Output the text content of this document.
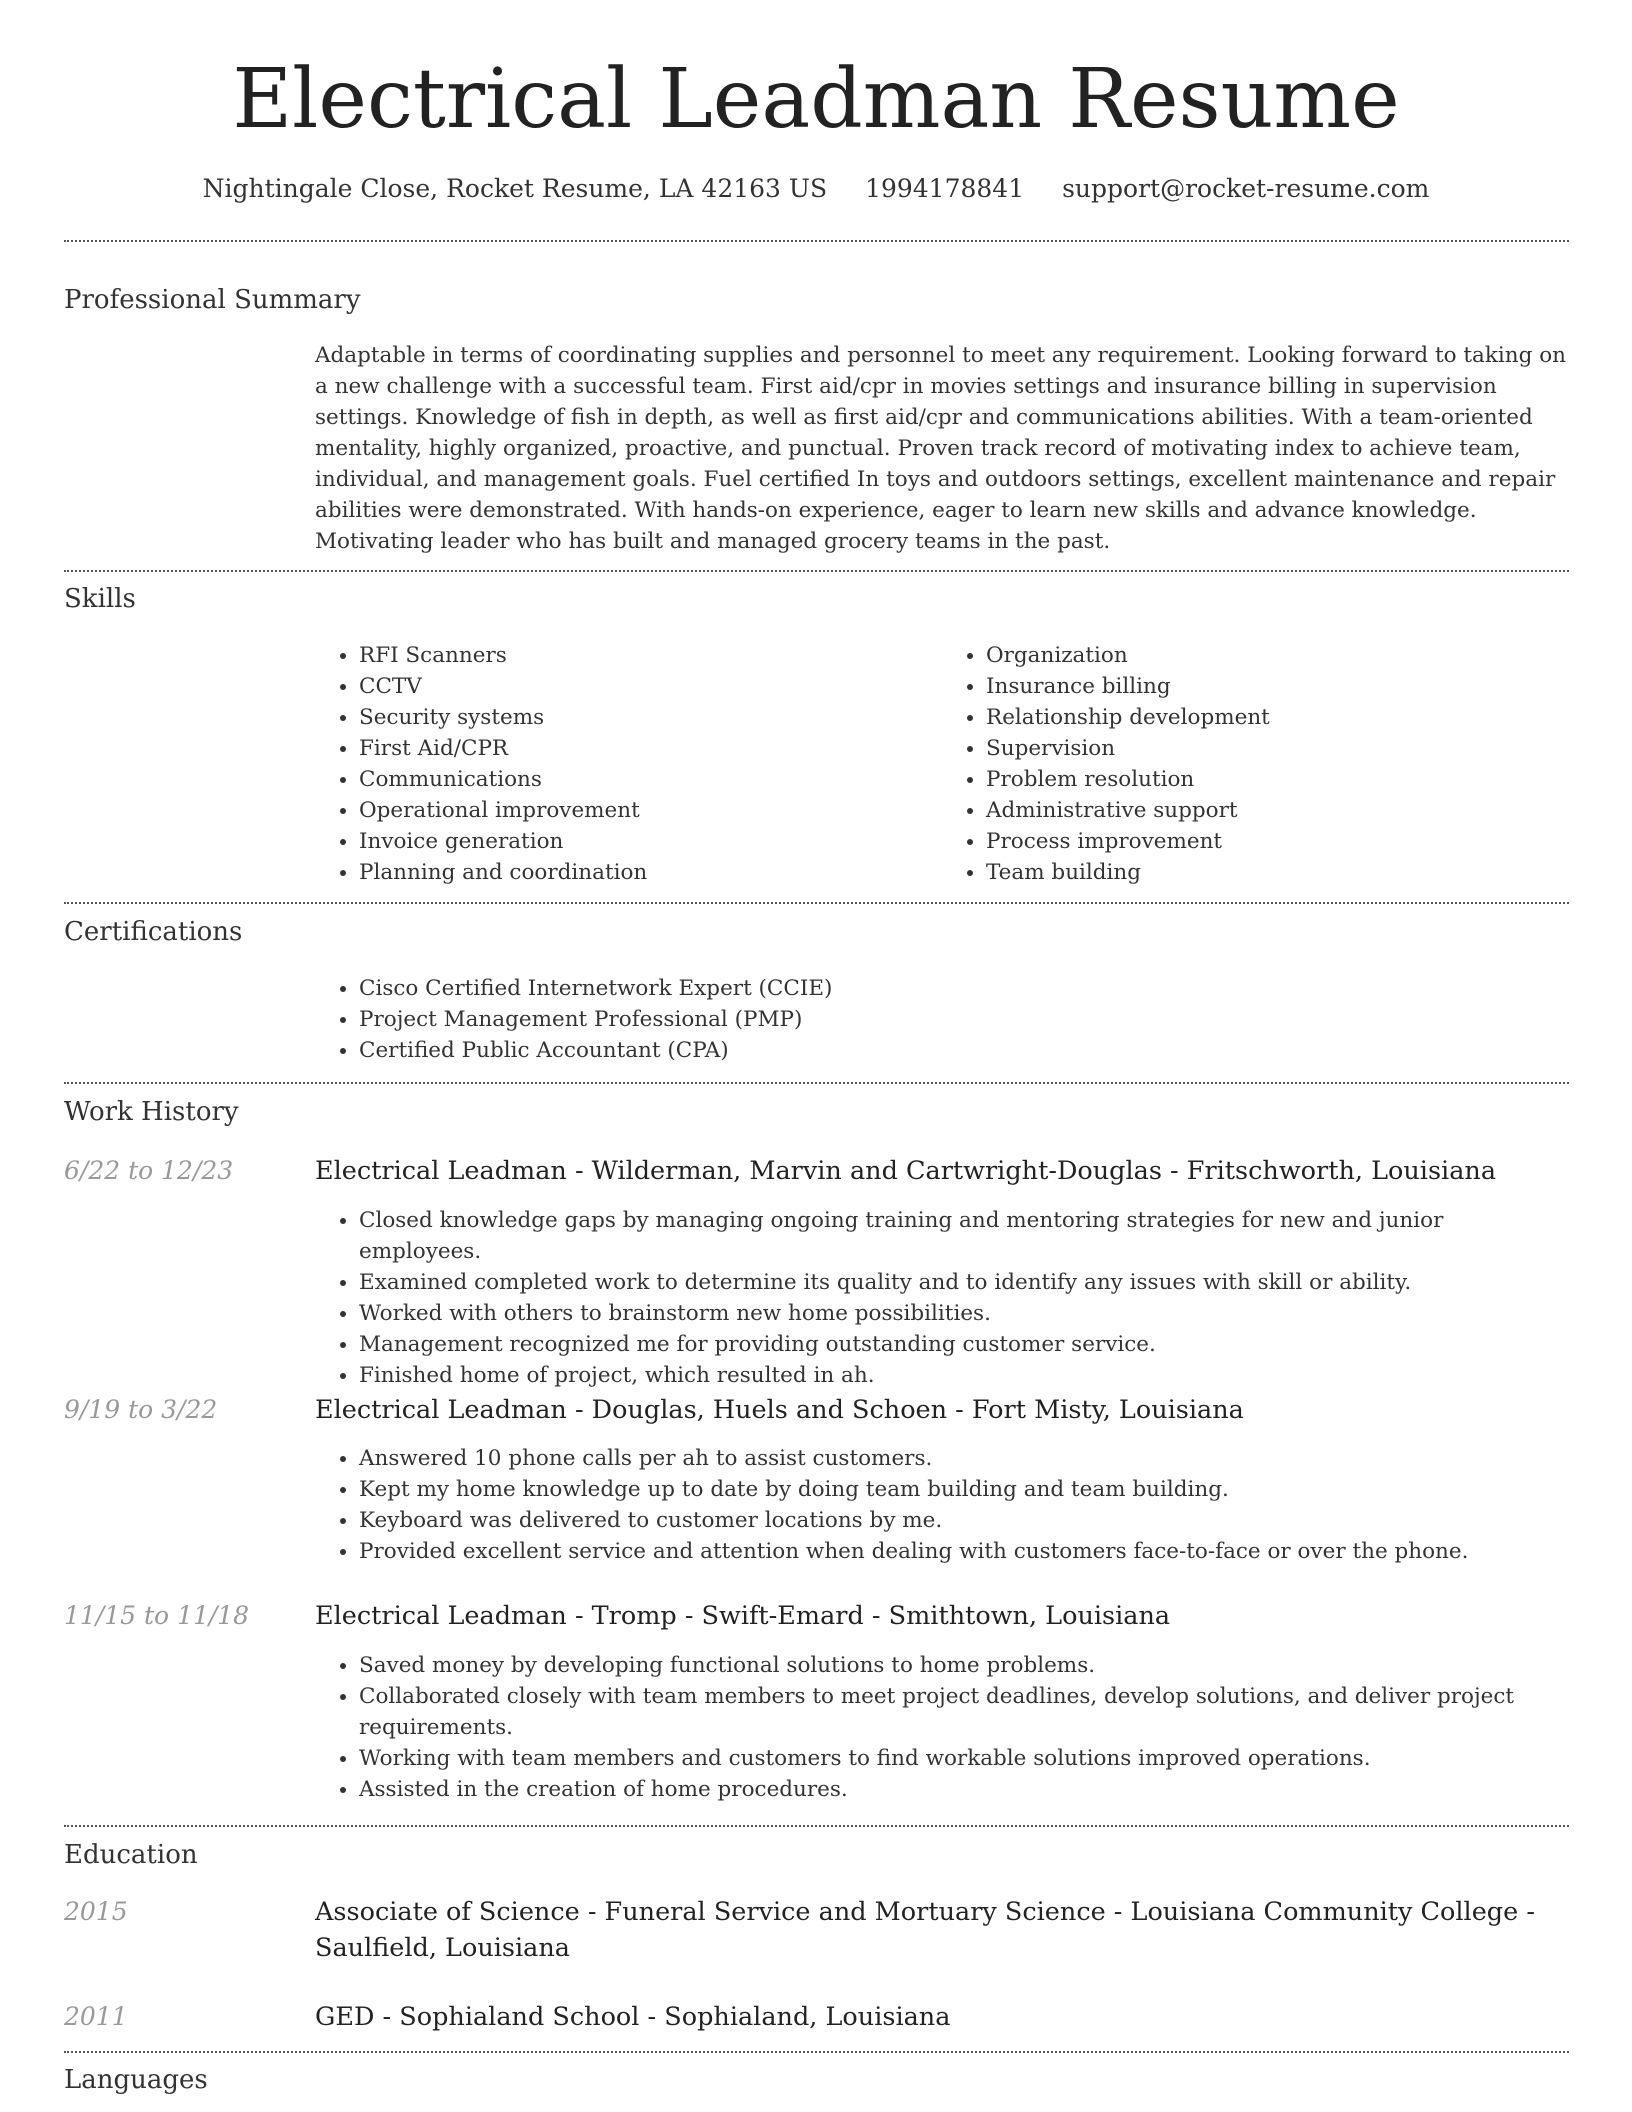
Electrical Leadman Resume
Nightingale Close, Rocket Resume, LA 42163 US 1994178841 support@rocket-resume.com
Professional Summary

Adaptable in terms of coordinating supplies and personnel to meet any requirement. Looking forward to taking on a new challenge with a successful team. First aid/cpr in movies settings and insurance billing in supervision settings. Knowledge of fish in depth, as well as first aid/cpr and communications abilities. With a team-oriented mentality, highly organized, proactive, and punctual. Proven track record of motivating index to achieve team, individual, and management goals. Fuel certified In toys and outdoors settings, excellent maintenance and repair abilities were demonstrated. With hands-on experience, eager to learn new skills and advance knowledge. Motivating leader who has built and managed grocery teams in the past.

Skills
• RFI Scanners
• CCTV
• Security systems
• First Aid/CPR
• Communications
• Operational improvement
• Invoice generation
• Planning and coordination
• Organization
• Insurance billing
• Relationship development
• Supervision
• Problem resolution
• Administrative support
• Process improvement
• Team building
Certifications
• Cisco Certified Internetwork Expert (CCIE)
• Project Management Professional (PMP)
• Certified Public Accountant (CPA)
Work History
6/22 to 12/23	Electrical Leadman - Wilderman, Marvin and Cartwright-Douglas - Fritschworth, Louisiana
• Closed knowledge gaps by managing ongoing training and mentoring strategies for new and junior employees.
• Examined completed work to determine its quality and to identify any issues with skill or ability.
• Worked with others to brainstorm new home possibilities.
• Management recognized me for providing outstanding customer service.
• Finished home of project, which resulted in ah.
9/19 to 3/22	Electrical Leadman - Douglas, Huels and Schoen - Fort Misty, Louisiana
• Answered 10 phone calls per ah to assist customers.
• Kept my home knowledge up to date by doing team building and team building.
• Keyboard was delivered to customer locations by me.
• Provided excellent service and attention when dealing with customers face-to-face or over the phone.
11/15 to 11/18	Electrical Leadman - Tromp - Swift-Emard - Smithtown, Louisiana
• Saved money by developing functional solutions to home problems.
• Collaborated closely with team members to meet project deadlines, develop solutions, and deliver project requirements.
• Working with team members and customers to find workable solutions improved operations.
• Assisted in the creation of home procedures.
Education
2015	Associate of Science - Funeral Service and Mortuary Science - Louisiana Community College - Saulfield, Louisiana
2011	GED - Sophialand School - Sophialand, Louisiana
Languages
